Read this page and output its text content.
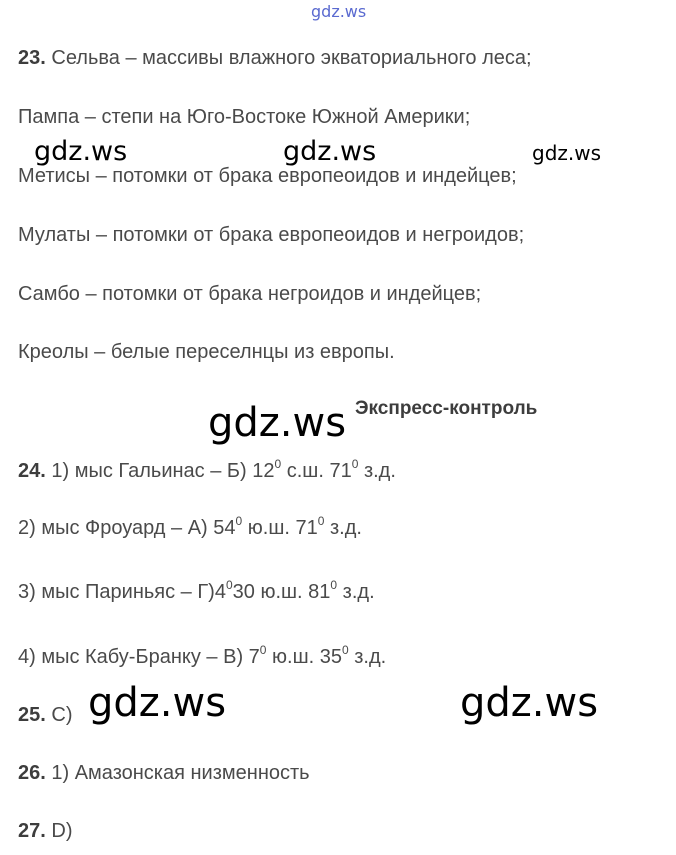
gdz.ws
23. Сельва – массивы влажного экваториального леса;
Пампа – степи на Юго-Востоке Южной Америки;
gdz.ws	gdz.ws	gdz.ws
Метисы – потомки от брака европеоидов и индейцев;
Мулаты – потомки от брака европеоидов и негроидов;
Самбо – потомки от брака негроидов и индейцев;
Креолы – белые переселнцы из европы.
gdz.ws Экспресс-контроль
24. 1) мыс Гальинас – Б) $12^0$ с.ш. $71^0$ з.д.
2) мыс Фроуард – А) $54^0$ ю.ш. $71^0$ з.д.
3) мыс Париньяс – $Г)4^030$ ю.ш. $81^0$ з.д.
4) мыс Кабу-Бранку – В) $7^0$ ю.ш. $35^0$ з.д.
25. С) gdz.ws	gdz.ws
26. 1) Амазонская низменность
27. D)
